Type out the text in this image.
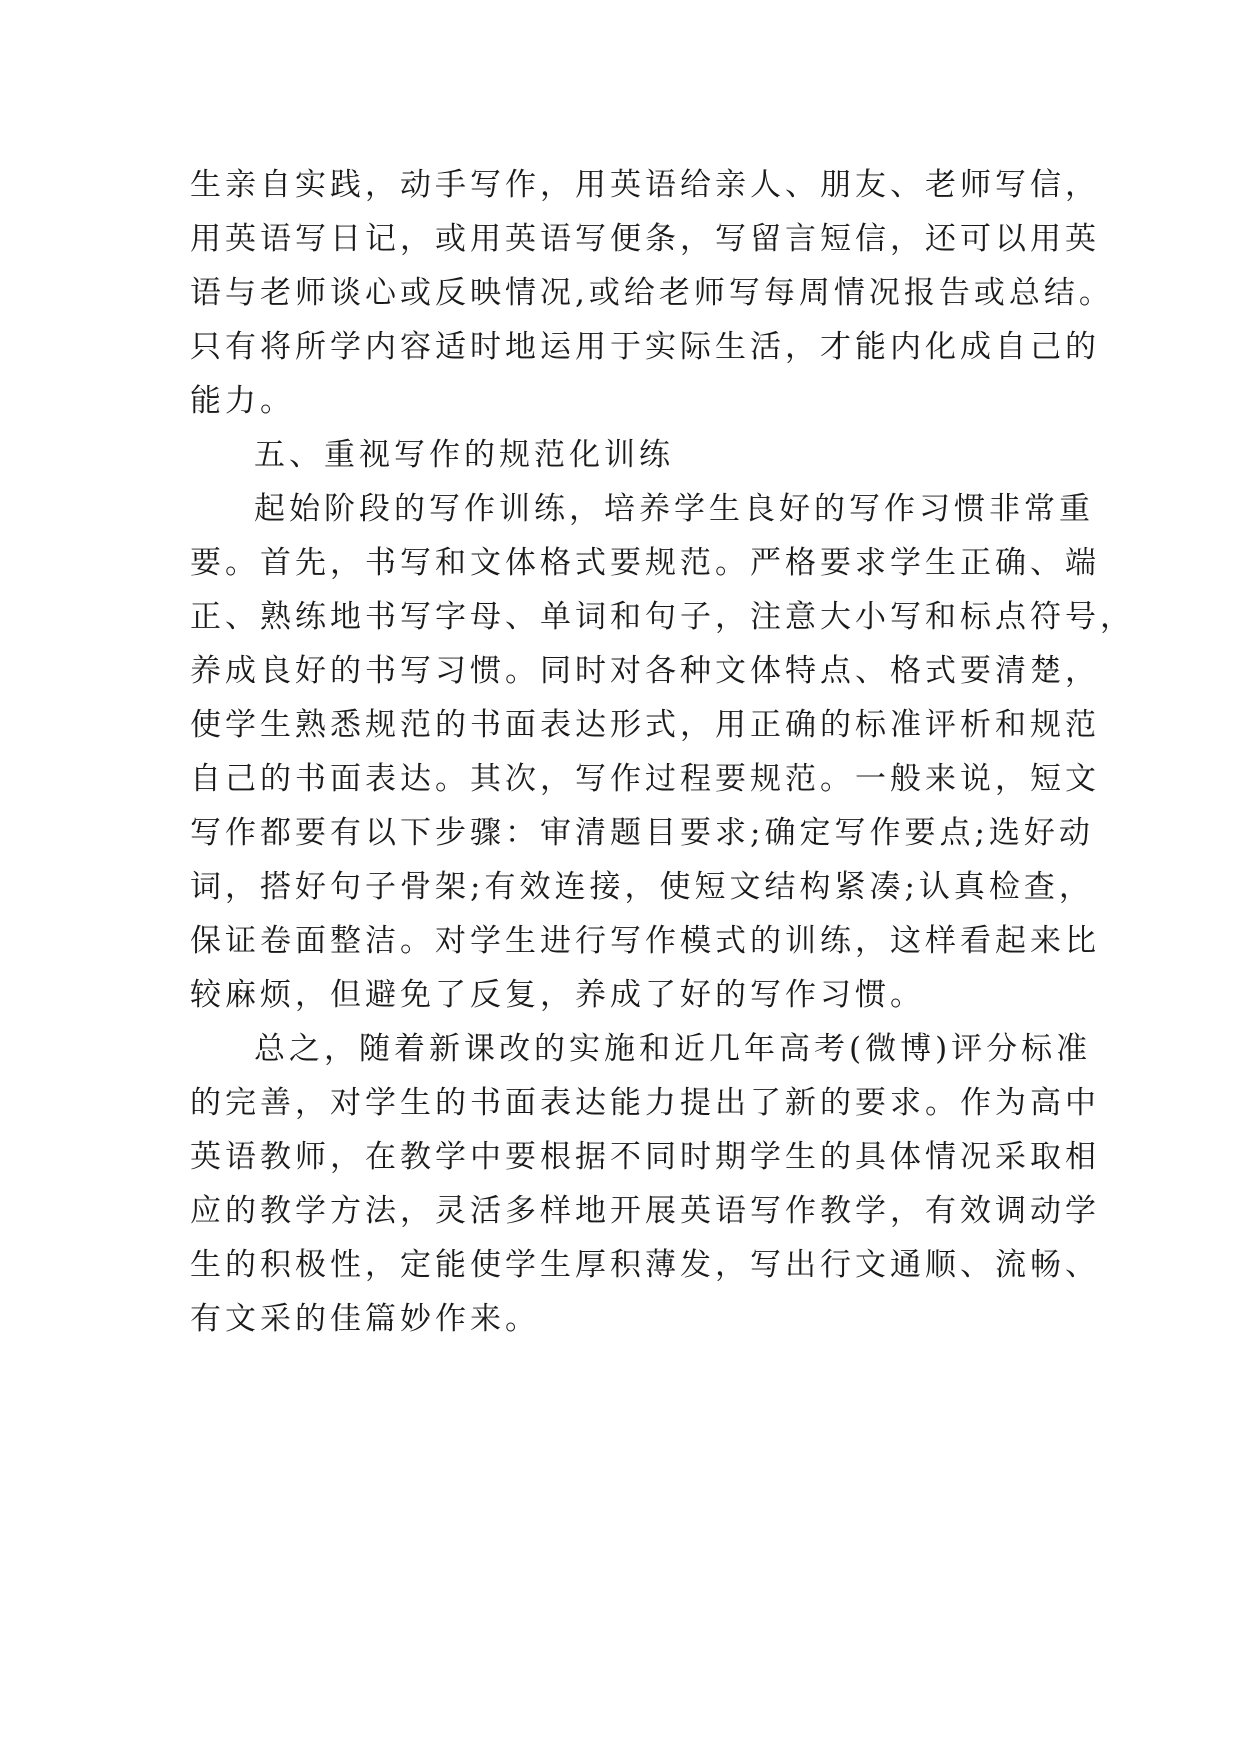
生亲自实践，动手写作，用英语给亲人、朋友、老师写信，
用英语写日记，或用英语写便条，写留言短信，还可以用英
语与老师谈心或反映情况,或给老师写每周情况报告或总结。
只有将所学内容适时地运用于实际生活，才能内化成自己的
能力。
五、重视写作的规范化训练
起始阶段的写作训练，培养学生良好的写作习惯非常重
要。首先，书写和文体格式要规范。严格要求学生正确、端
正、熟练地书写字母、单词和句子，注意大小写和标点符号，
养成良好的书写习惯。同时对各种文体特点、格式要清楚，
使学生熟悉规范的书面表达形式，用正确的标准评析和规范
自己的书面表达。其次，写作过程要规范。一般来说，短文
写作都要有以下步骤：审清题目要求;确定写作要点;选好动
词，搭好句子骨架;有效连接，使短文结构紧凑;认真检查，
保证卷面整洁。对学生进行写作模式的训练，这样看起来比
较麻烦，但避免了反复，养成了好的写作习惯。
总之，随着新课改的实施和近几年高考(微博)评分标准
的完善，对学生的书面表达能力提出了新的要求。作为高中
英语教师，在教学中要根据不同时期学生的具体情况采取相
应的教学方法，灵活多样地开展英语写作教学，有效调动学
生的积极性，定能使学生厚积薄发，写出行文通顺、流畅、
有文采的佳篇妙作来。
